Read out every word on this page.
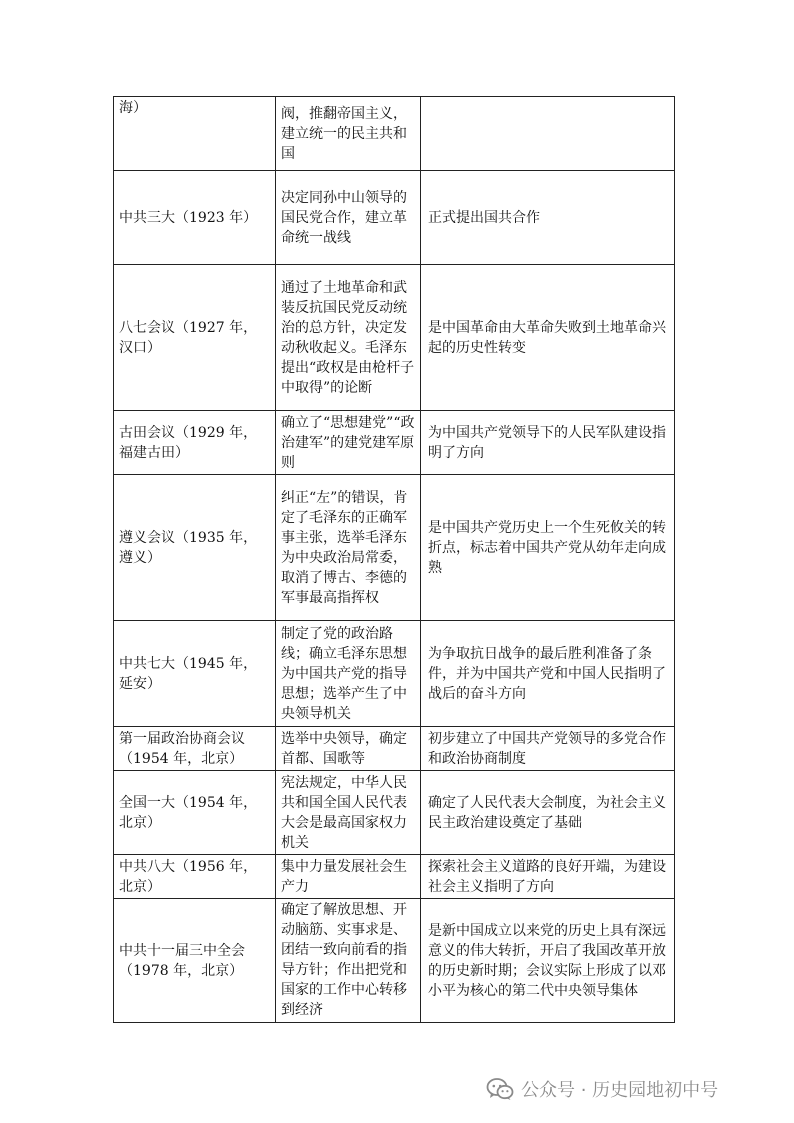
海）	阀，推翻帝国主义，建立统一的民主共和国	
中共三大（1923 年）	决定同孙中山领导的国民党合作，建立革命统一战线	正式提出国共合作
八七会议（1927 年，汉口）	通过了土地革命和武装反抗国民党反动统治的总方针，决定发动秋收起义。毛泽东提出“政权是由枪杆子中取得”的论断	是中国革命由大革命失败到土地革命兴起的历史性转变
古田会议（1929 年，福建古田）	确立了“思想建党”“政治建军”的建党建军原则	为中国共产党领导下的人民军队建设指明了方向
遵义会议（1935 年，遵义）	纠正“左”的错误，肯定了毛泽东的正确军事主张，选举毛泽东为中央政治局常委，取消了博古、李德的军事最高指挥权	是中国共产党历史上一个生死攸关的转折点，标志着中国共产党从幼年走向成熟
中共七大（1945 年，延安）	制定了党的政治路线；确立毛泽东思想为中国共产党的指导思想；选举产生了中央领导机关	为争取抗日战争的最后胜利准备了条件，并为中国共产党和中国人民指明了战后的奋斗方向
第一届政治协商会议（1954 年，北京）	选举中央领导，确定首都、国歌等	初步建立了中国共产党领导的多党合作和政治协商制度
全国一大（1954 年，北京）	宪法规定，中华人民共和国全国人民代表大会是最高国家权力机关	确定了人民代表大会制度，为社会主义民主政治建设奠定了基础
中共八大（1956 年，北京）	集中力量发展社会生产力	探索社会主义道路的良好开端，为建设社会主义指明了方向
中共十一届三中全会（1978 年，北京）	确定了解放思想、开动脑筋、实事求是、团结一致向前看的指导方针；作出把党和国家的工作中心转移到经济	是新中国成立以来党的历史上具有深远意义的伟大转折，开启了我国改革开放的历史新时期；会议实际上形成了以邓小平为核心的第二代中央领导集体
公众号 · 历史园地初中号
